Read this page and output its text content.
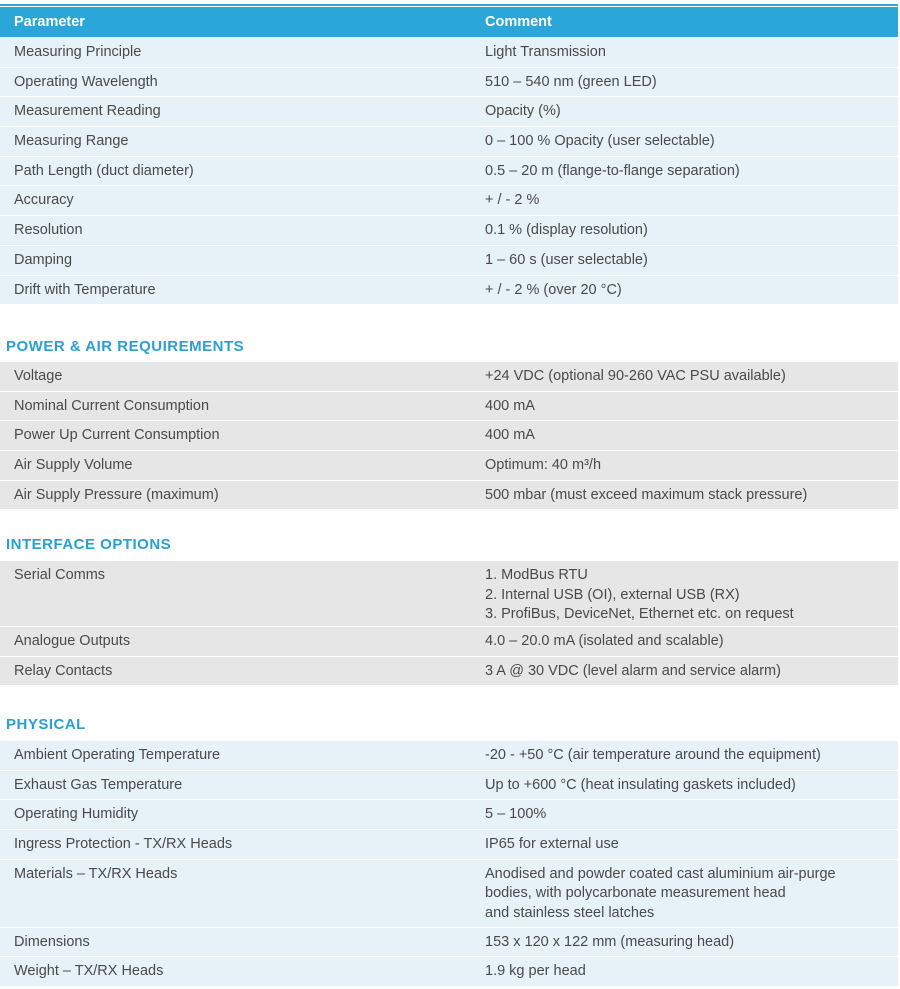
Parameter	Comment
Measuring Principle	Light Transmission
Operating Wavelength	510 – 540 nm (green LED)
Measurement Reading	Opacity (%)
Measuring Range	0 – 100 % Opacity (user selectable)
Path Length (duct diameter)	0.5 – 20 m (flange-to-flange separation)
Accuracy	+ / - 2 %
Resolution	0.1 % (display resolution)
Damping	1 – 60 s (user selectable)
Drift with Temperature	+ / - 2 % (over 20 °C)
POWER & AIR REQUIREMENTS
Voltage	+24 VDC (optional 90-260 VAC PSU available)
Nominal Current Consumption	400 mA
Power Up Current Consumption	400 mA
Air Supply Volume	Optimum: 40 m³/h
Air Supply Pressure (maximum)	500 mbar (must exceed maximum stack pressure)
INTERFACE OPTIONS
Serial Comms	1. ModBus RTU
2. Internal USB (OI), external USB (RX)
3. ProfiBus, DeviceNet, Ethernet etc. on request
Analogue Outputs	4.0 – 20.0 mA (isolated and scalable)
Relay Contacts	3 A @ 30 VDC (level alarm and service alarm)
PHYSICAL
Ambient Operating Temperature	-20 - +50 °C (air temperature around the equipment)
Exhaust Gas Temperature	Up to +600 °C (heat insulating gaskets included)
Operating Humidity	5 – 100%
Ingress Protection - TX/RX Heads	IP65 for external use
Materials – TX/RX Heads	Anodised and powder coated cast aluminium air-purge
bodies, with polycarbonate measurement head
and stainless steel latches
Dimensions	153 x 120 x 122 mm (measuring head)
Weight – TX/RX Heads	1.9 kg per head
